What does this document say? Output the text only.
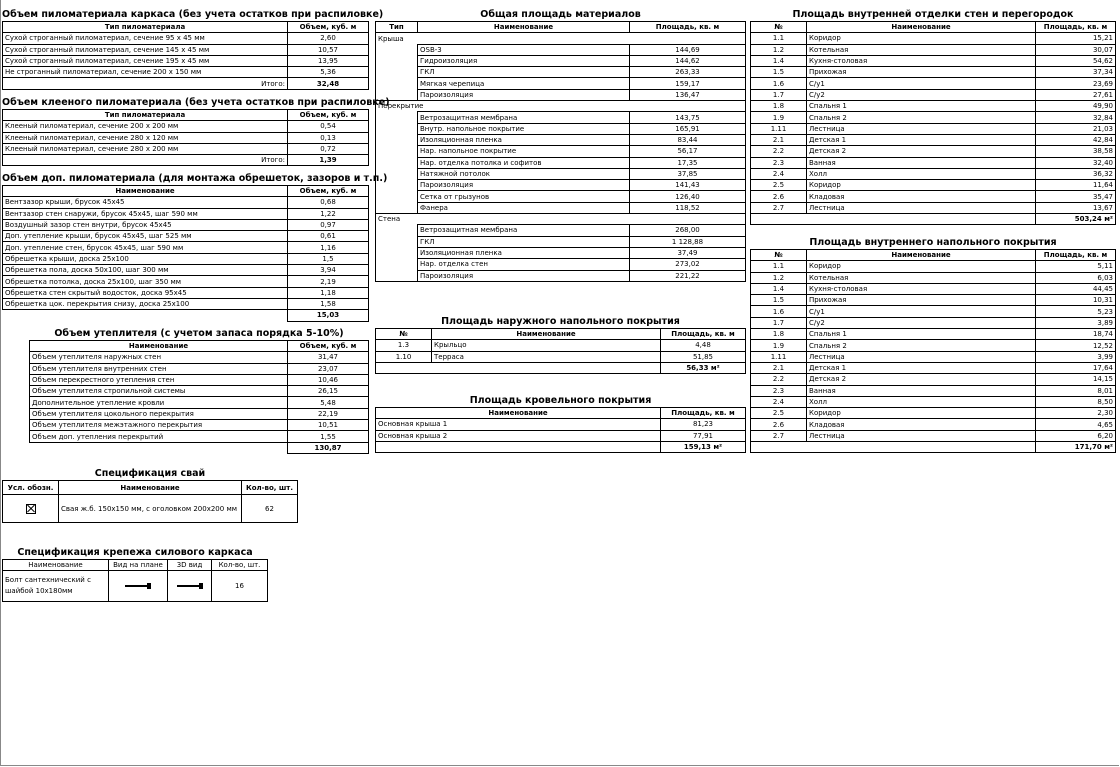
Объем пиломатериала каркаса (без учета остатков при распиловке)
Тип пиломатериала	Объем, куб. м
Сухой строганный пиломатериал, сечение 95 х 45 мм	2,60
Сухой строганный пиломатериал, сечение 145 х 45 мм	10,57
Сухой строганный пиломатериал, сечение 195 х 45 мм	13,95
Не строганный пиломатериал, сечение 200 х 150 мм	5,36
Итого:	32,48
Объем клееного пиломатериала (без учета остатков при распиловке)
Тип пиломатериала	Объем, куб. м
Клееный пиломатериал, сечение 200 х 200 мм	0,54
Клееный пиломатериал, сечение 280 х 120 мм	0,13
Клееный пиломатериал, сечение 280 х 200 мм	0,72
Итого:	1,39
Объем доп. пиломатериала (для монтажа обрешеток, зазоров и т.п.)
Наименование	Объем, куб. м
Вентзазор крыши, брусок 45х45	0,68
Вентзазор стен снаружи, брусок 45х45, шаг 590 мм	1,22
Воздушный зазор стен внутри, брусок 45х45	0,97
Доп. утепление крыши, брусок 45х45, шаг 525 мм	0,61
Доп. утепление стен, брусок 45х45, шаг 590 мм	1,16
Обрешетка крыши, доска 25х100	1,5
Обрешетка пола, доска 50х100, шаг 300 мм	3,94
Обрешетка потолка, доска 25х100, шаг 350 мм	2,19
Обрешетка стен скрытый водосток, доска 95х45	1,18
Обрешетка цок. перекрытия снизу, доска 25х100	1,58
	15,03
Объем утеплителя (с учетом запаса порядка 5-10%)
Наименование	Объем, куб. м
Объем утеплителя наружных стен	31,47
Объем утеплителя внутренних стен	23,07
Объем перекрестного утепления стен	10,46
Объем утеплителя стропильной системы	26,15
Дополнительное утепление кровли	5,48
Объем утеплителя цокольного перекрытия	22,19
Объем утеплителя межэтажного перекрытия	10,51
Объем доп. утепления перекрытий	1,55
	130,87
Спецификация свай
Усл. обозн.	Наименование	Кол-во, шт.
	Свая ж.б. 150х150 мм, с оголовком 200х200 мм	62
Спецификация крепежа силового каркаса
Наименование	Вид на плане	3D вид	Кол-во, шт.
Болт сантехнический с
шайбой 10х180мм			16
Общая площадь материалов
Тип	Наименование	Площадь, кв. м
Крыша		
	OSB-3	144,69
	Гидроизоляция	144,62
	ГКЛ	263,33
	Мягкая черепица	159,17
	Пароизоляция	136,47
Перекрытие		
	Ветрозащитная мембрана	143,75
	Внутр. напольное покрытие	165,91
	Изоляционная пленка	83,44
	Нар. напольное покрытие	56,17
	Нар. отделка потолка и софитов	17,35
	Натяжной потолок	37,85
	Пароизоляция	141,43
	Сетка от грызунов	126,40
	Фанера	118,52
Стена		
	Ветрозащитная мембрана	268,00
	ГКЛ	1 128,88
	Изоляционная пленка	37,49
	Нар. отделка стен	273,02
	Пароизоляция	221,22
Площадь наружного напольного покрытия
№	Наименование	Площадь, кв. м
1.3	Крыльцо	4,48
1.10	Терраса	51,85
		56,33 м²
Площадь кровельного покрытия
Наименование	Площадь, кв. м
Основная крыша 1	81,23
Основная крыша 2	77,91
	159,13 м²
Площадь внутренней отделки стен и перегородок
№	Наименование	Площадь, кв. м
1.1	Коридор	15,21
1.2	Котельная	30,07
1.4	Кухня-столовая	54,62
1.5	Прихожая	37,34
1.6	С/у1	23,69
1.7	С/у2	27,61
1.8	Спальня 1	49,90
1.9	Спальня 2	32,84
1.11	Лестница	21,03
2.1	Детская 1	42,84
2.2	Детская 2	38,58
2.3	Ванная	32,40
2.4	Холл	36,32
2.5	Коридор	11,64
2.6	Кладовая	35,47
2.7	Лестница	13,67
		503,24 м²
Площадь внутреннего напольного покрытия
№	Наименование	Площадь, кв. м
1.1	Коридор	5,11
1.2	Котельная	6,03
1.4	Кухня-столовая	44,45
1.5	Прихожая	10,31
1.6	С/у1	5,23
1.7	С/у2	3,89
1.8	Спальня 1	18,74
1.9	Спальня 2	12,52
1.11	Лестница	3,99
2.1	Детская 1	17,64
2.2	Детская 2	14,15
2.3	Ванная	8,01
2.4	Холл	8,50
2.5	Коридор	2,30
2.6	Кладовая	4,65
2.7	Лестница	6,20
		171,70 м²
